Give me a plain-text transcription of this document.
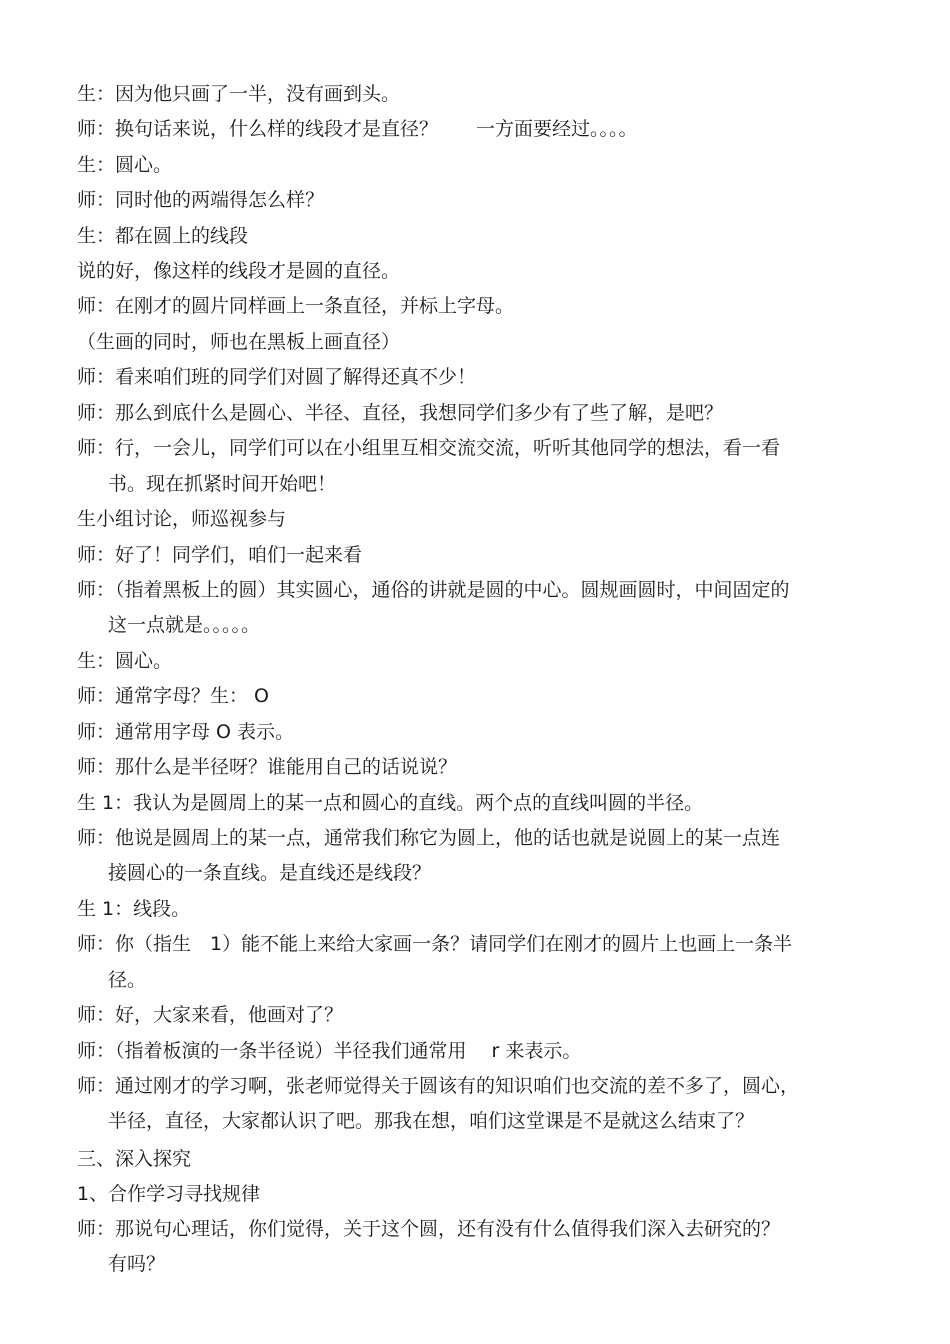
生：因为他只画了一半，没有画到头。
师：换句话来说，什么样的线段才是直径？　　一方面要经过。。。。
生：圆心。
师：同时他的两端得怎么样？
生：都在圆上的线段
说的好，像这样的线段才是圆的直径。
师：在刚才的圆片同样画上一条直径，并标上字母。
（生画的同时，师也在黑板上画直径）
师：看来咱们班的同学们对圆了解得还真不少！
师：那么到底什么是圆心、半径、直径，我想同学们多少有了些了解，是吧？
师：行，一会儿，同学们可以在小组里互相交流交流，听听其他同学的想法，看一看
书。现在抓紧时间开始吧！
生小组讨论，师巡视参与
师：好了！同学们，咱们一起来看
师：（指着黑板上的圆）其实圆心，通俗的讲就是圆的中心。圆规画圆时，中间固定的
这一点就是。。。。。
生：圆心。
师：通常字母？生： O
师：通常用字母 O 表示。
师：那什么是半径呀？谁能用自己的话说说？
生 1：我认为是圆周上的某一点和圆心的直线。两个点的直线叫圆的半径。
师：他说是圆周上的某一点，通常我们称它为圆上，他的话也就是说圆上的某一点连
接圆心的一条直线。是直线还是线段？
生 1：线段。
师：你（指生　1）能不能上来给大家画一条？请同学们在刚才的圆片上也画上一条半
径。
师：好，大家来看，他画对了？
师：（指着板演的一条半径说）半径我们通常用　 r 来表示。
师：通过刚才的学习啊，张老师觉得关于圆该有的知识咱们也交流的差不多了，圆心，
半径，直径，大家都认识了吧。那我在想，咱们这堂课是不是就这么结束了？
三、深入探究
1、合作学习寻找规律
师：那说句心理话，你们觉得，关于这个圆，还有没有什么值得我们深入去研究的？
有吗？
